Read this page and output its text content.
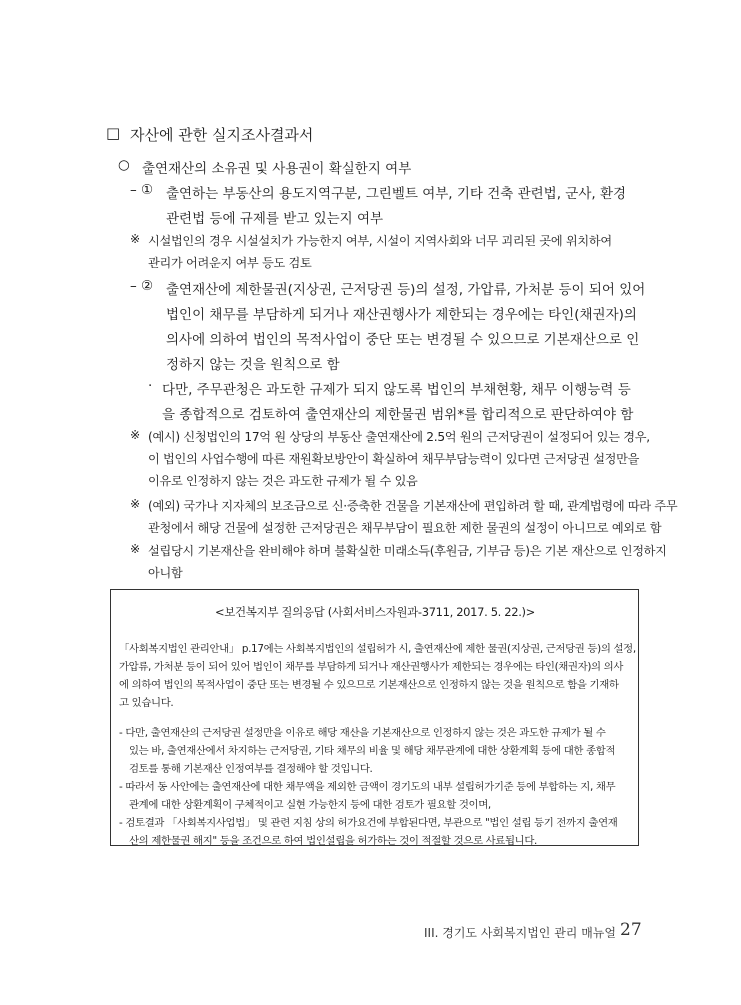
□ 자산에 관한 실지조사결과서
○ 출연재산의 소유권 및 사용권이 확실한지 여부
– ① 출연하는 부동산의 용도지역구분, 그린벨트 여부, 기타 건축 관련법, 군사, 환경
관련법 등에 규제를 받고 있는지 여부
※ 시설법인의 경우 시설설치가 가능한지 여부, 시설이 지역사회와 너무 괴리된 곳에 위치하여
관리가 어려운지 여부 등도 검토
– ② 출연재산에 제한물권(지상권, 근저당권 등)의 설정, 가압류, 가처분 등이 되어 있어
법인이 채무를 부담하게 되거나 재산권행사가 제한되는 경우에는 타인(채권자)의
의사에 의하여 법인의 목적사업이 중단 또는 변경될 수 있으므로 기본재산으로 인
정하지 않는 것을 원칙으로 함
· 다만, 주무관청은 과도한 규제가 되지 않도록 법인의 부채현황, 채무 이행능력 등
을 종합적으로 검토하여 출연재산의 제한물권 범위*를 합리적으로 판단하여야 함
※ (예시) 신청법인의 17억 원 상당의 부동산 출연재산에 2.5억 원의 근저당권이 설정되어 있는 경우,
이 법인의 사업수행에 따른 재원확보방안이 확실하여 채무부담능력이 있다면 근저당권 설정만을
이유로 인정하지 않는 것은 과도한 규제가 될 수 있음
※ (예외) 국가나 지자체의 보조금으로 신·증축한 건물을 기본재산에 편입하려 할 때, 관계법령에 따라 주무
관청에서 해당 건물에 설정한 근저당권은 채무부담이 필요한 제한 물권의 설정이 아니므로 예외로 함
※ 설립당시 기본재산을 완비해야 하며 불확실한 미래소득(후원금, 기부금 등)은 기본 재산으로 인정하지
아니함
<보건복지부 질의응답 (사회서비스자원과-3711, 2017. 5. 22.)>
「사회복지법인 관리안내」 p.17에는 사회복지법인의 설립허가 시, 출연재산에 제한 물권(지상권, 근저당권 등)의 설정,
가압류, 가처분 등이 되어 있어 법인이 채무를 부담하게 되거나 재산권행사가 제한되는 경우에는 타인(채권자)의 의사
에 의하여 법인의 목적사업이 중단 또는 변경될 수 있으므로 기본재산으로 인정하지 않는 것을 원칙으로 함을 기재하
고 있습니다.
- 다만, 출연재산의 근저당권 설정만을 이유로 해당 재산을 기본재산으로 인정하지 않는 것은 과도한 규제가 될 수
있는 바, 출연재산에서 차지하는 근저당권, 기타 채무의 비율 및 해당 채무관계에 대한 상환계획 등에 대한 종합적
검토를 통해 기본재산 인정여부를 결정해야 할 것입니다.
- 따라서 동 사안에는 출연재산에 대한 채무액을 제외한 금액이 경기도의 내부 설립허가기준 등에 부합하는 지, 채무
관계에 대한 상환계획이 구체적이고 실현 가능한지 등에 대한 검토가 필요할 것이며,
- 검토결과 「사회복지사업법」 및 관련 지침 상의 허가요건에 부합된다면, 부관으로 "법인 설립 등기 전까지 출연재
산의 제한물권 해지" 등을 조건으로 하여 법인설립을 허가하는 것이 적절할 것으로 사료됩니다.
III. 경기도 사회복지법인 관리 매뉴얼 27
